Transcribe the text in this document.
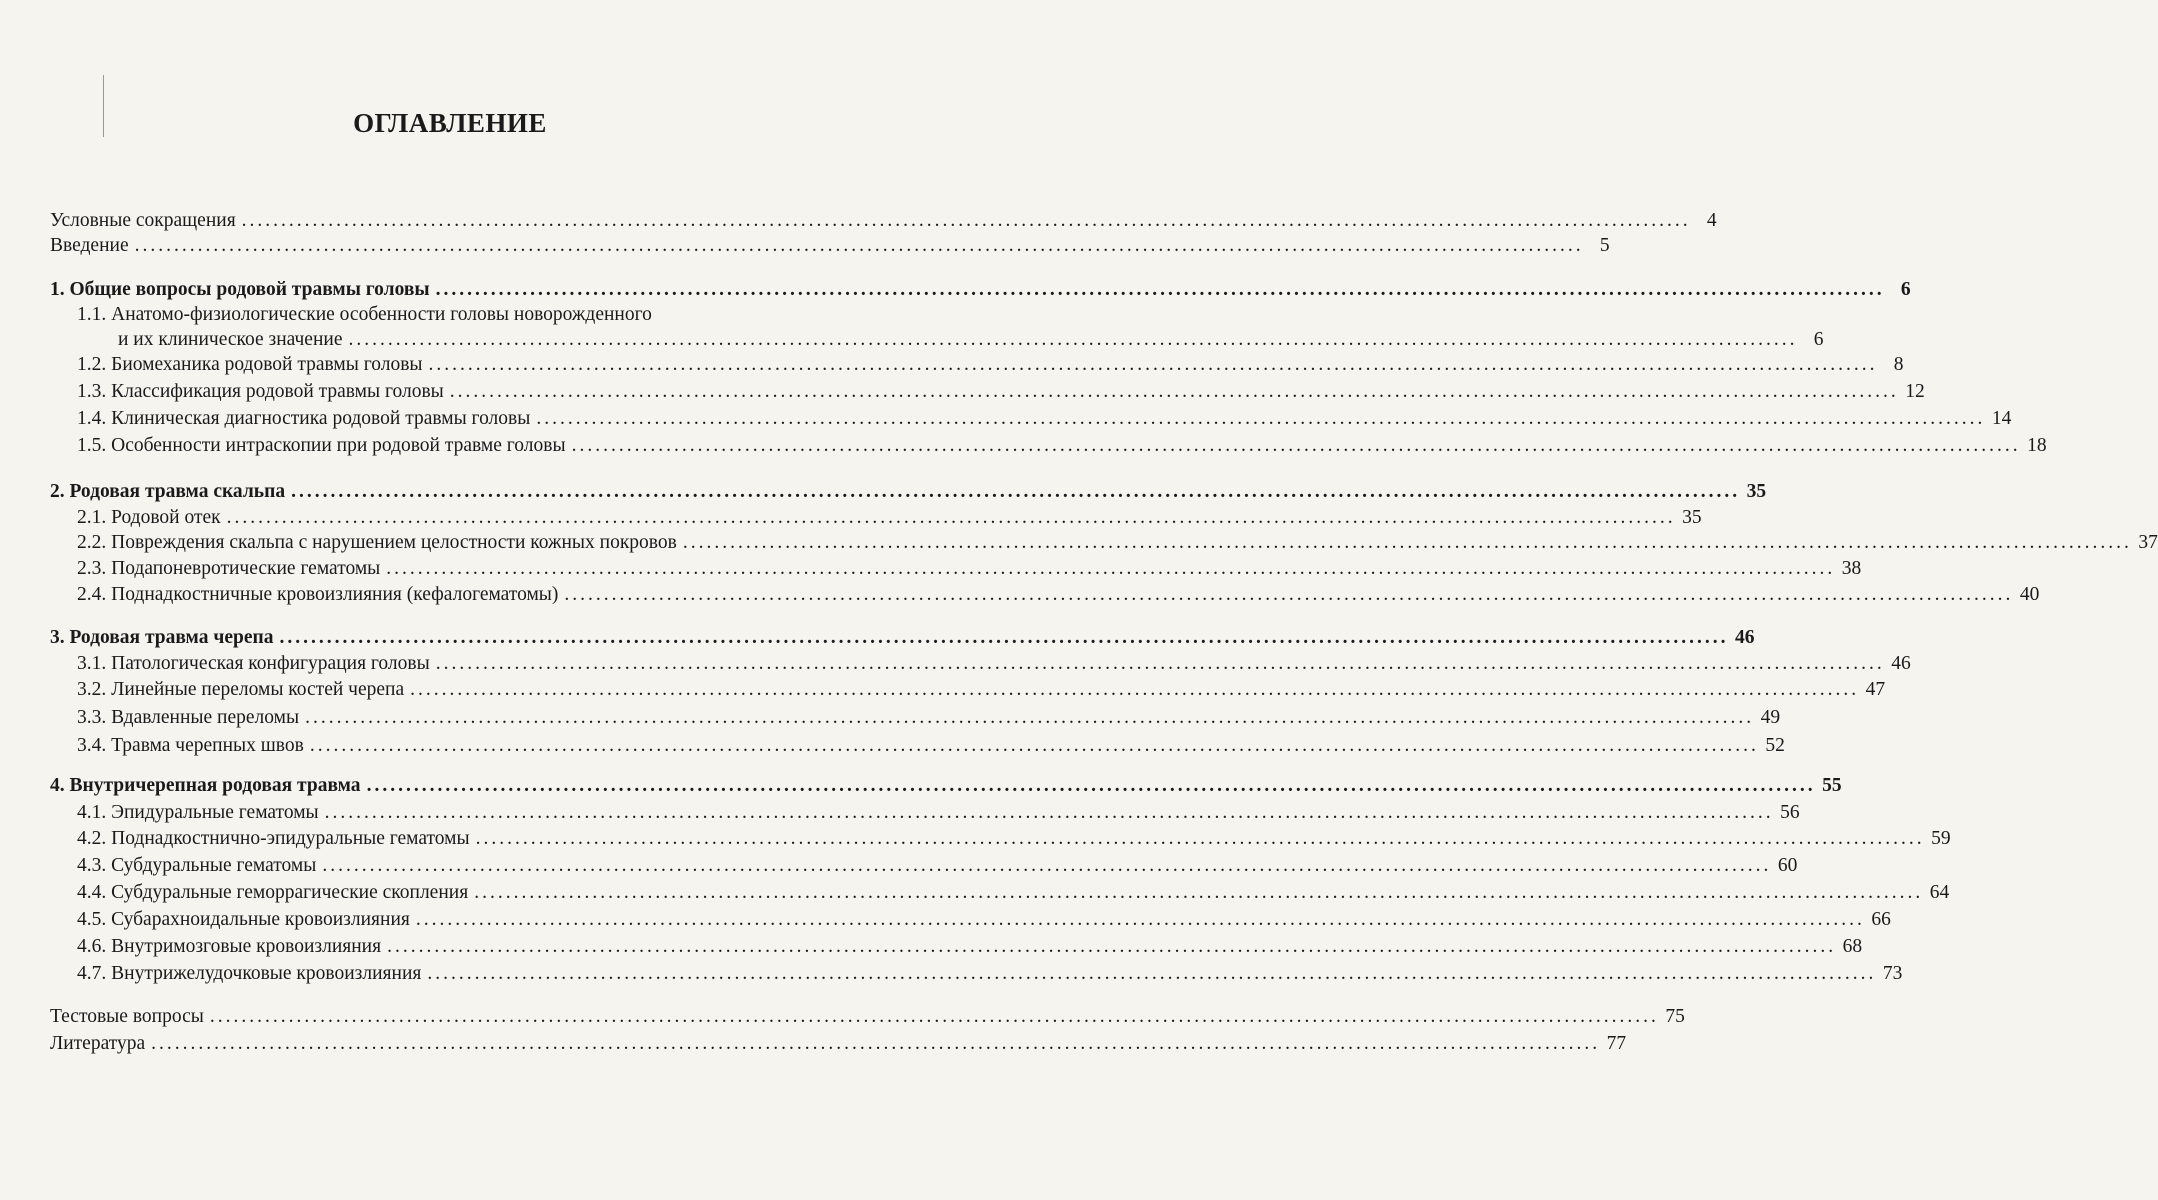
ОГЛАВЛЕНИЕ
Условные сокращения ........................................................................................................................................................................................ 4
Введение ........................................................................................................................................................................................ 5
1. Общие вопросы родовой травмы головы ........................................................................................................................................................................................ 6
1.1. Анатомо-физиологические особенности головы новорожденного
и их клиническое значение ........................................................................................................................................................................................ 6
1.2. Биомеханика родовой травмы головы ........................................................................................................................................................................................ 8
1.3. Классификация родовой травмы головы ........................................................................................................................................................................................ 12
1.4. Клиническая диагностика родовой травмы головы ........................................................................................................................................................................................ 14
1.5. Особенности интраскопии при родовой травме головы ........................................................................................................................................................................................ 18
2. Родовая травма скальпа ........................................................................................................................................................................................ 35
2.1. Родовой отек ........................................................................................................................................................................................ 35
2.2. Повреждения скальпа с нарушением целостности кожных покровов ........................................................................................................................................................................................ 37
2.3. Подапоневротические гематомы ........................................................................................................................................................................................ 38
2.4. Поднадкостничные кровоизлияния (кефалогематомы) ........................................................................................................................................................................................ 40
3. Родовая травма черепа ........................................................................................................................................................................................ 46
3.1. Патологическая конфигурация головы ........................................................................................................................................................................................ 46
3.2. Линейные переломы костей черепа ........................................................................................................................................................................................ 47
3.3. Вдавленные переломы ........................................................................................................................................................................................ 49
3.4. Травма черепных швов ........................................................................................................................................................................................ 52
4. Внутричерепная родовая травма ........................................................................................................................................................................................ 55
4.1. Эпидуральные гематомы ........................................................................................................................................................................................ 56
4.2. Поднадкостнично-эпидуральные гематомы ........................................................................................................................................................................................ 59
4.3. Субдуральные гематомы ........................................................................................................................................................................................ 60
4.4. Субдуральные геморрагические скопления ........................................................................................................................................................................................ 64
4.5. Субарахноидальные кровоизлияния ........................................................................................................................................................................................ 66
4.6. Внутримозговые кровоизлияния ........................................................................................................................................................................................ 68
4.7. Внутрижелудочковые кровоизлияния ........................................................................................................................................................................................ 73
Тестовые вопросы ........................................................................................................................................................................................ 75
Литература ........................................................................................................................................................................................ 77
